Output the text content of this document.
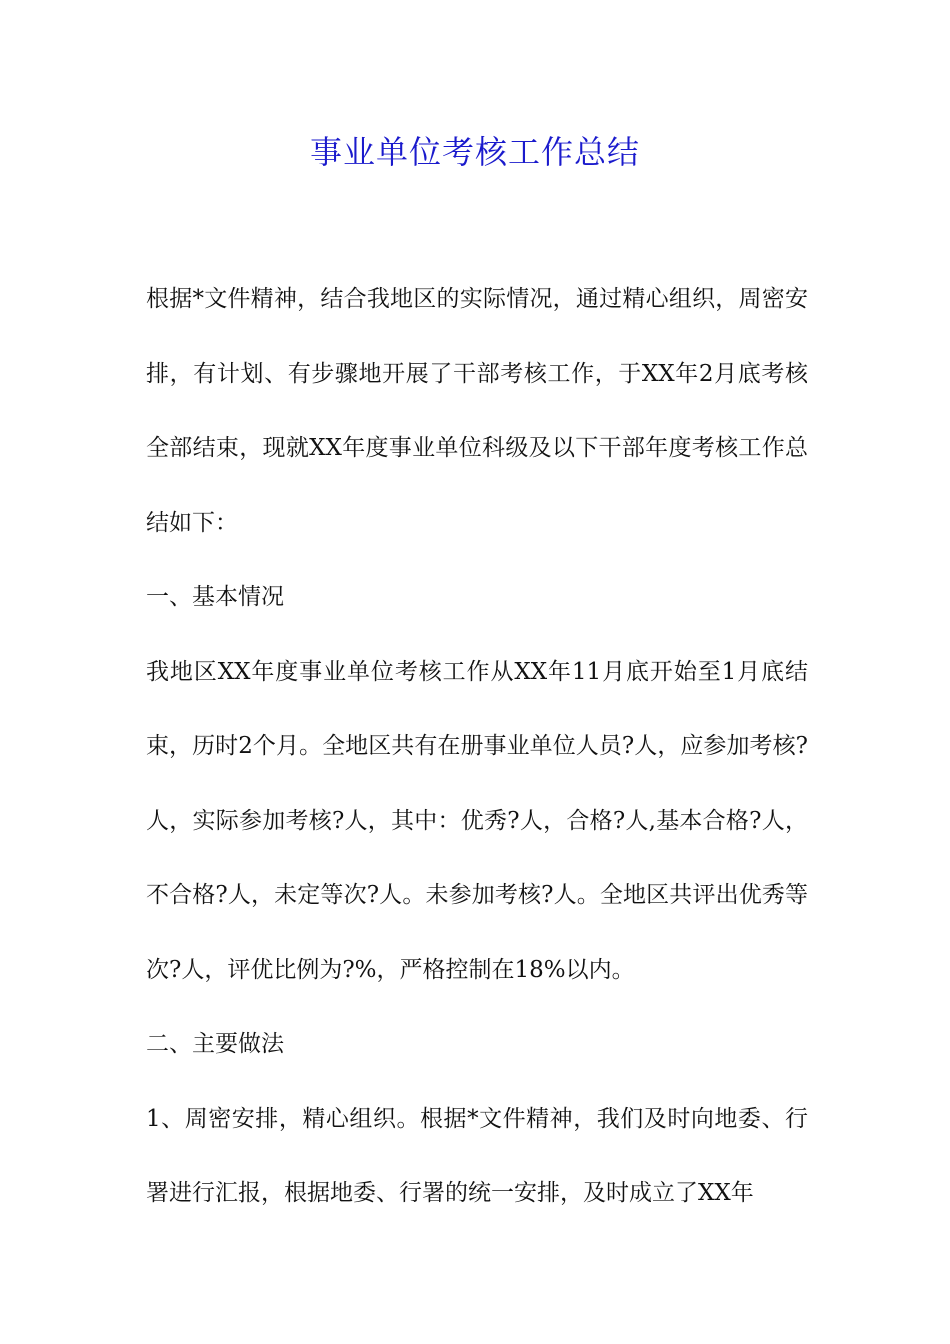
事业单位考核工作总结

根据*文件精神，结合我地区的实际情况，通过精心组织，周密安排，有计划、有步骤地开展了干部考核工作，于XX年2月底考核全部结束，现就XX年度事业单位科级及以下干部年度考核工作总结如下：

一、基本情况

我地区XX年度事业单位考核工作从XX年11月底开始至1月底结束，历时2个月。全地区共有在册事业单位人员?人，应参加考核?人，实际参加考核?人，其中：优秀?人，合格?人,基本合格?人，不合格?人，未定等次?人。未参加考核?人。全地区共评出优秀等次?人，评优比例为?%，严格控制在18%以内。

二、主要做法

1、周密安排，精心组织。根据*文件精神，我们及时向地委、行署进行汇报，根据地委、行署的统一安排，及时成立了XX年
